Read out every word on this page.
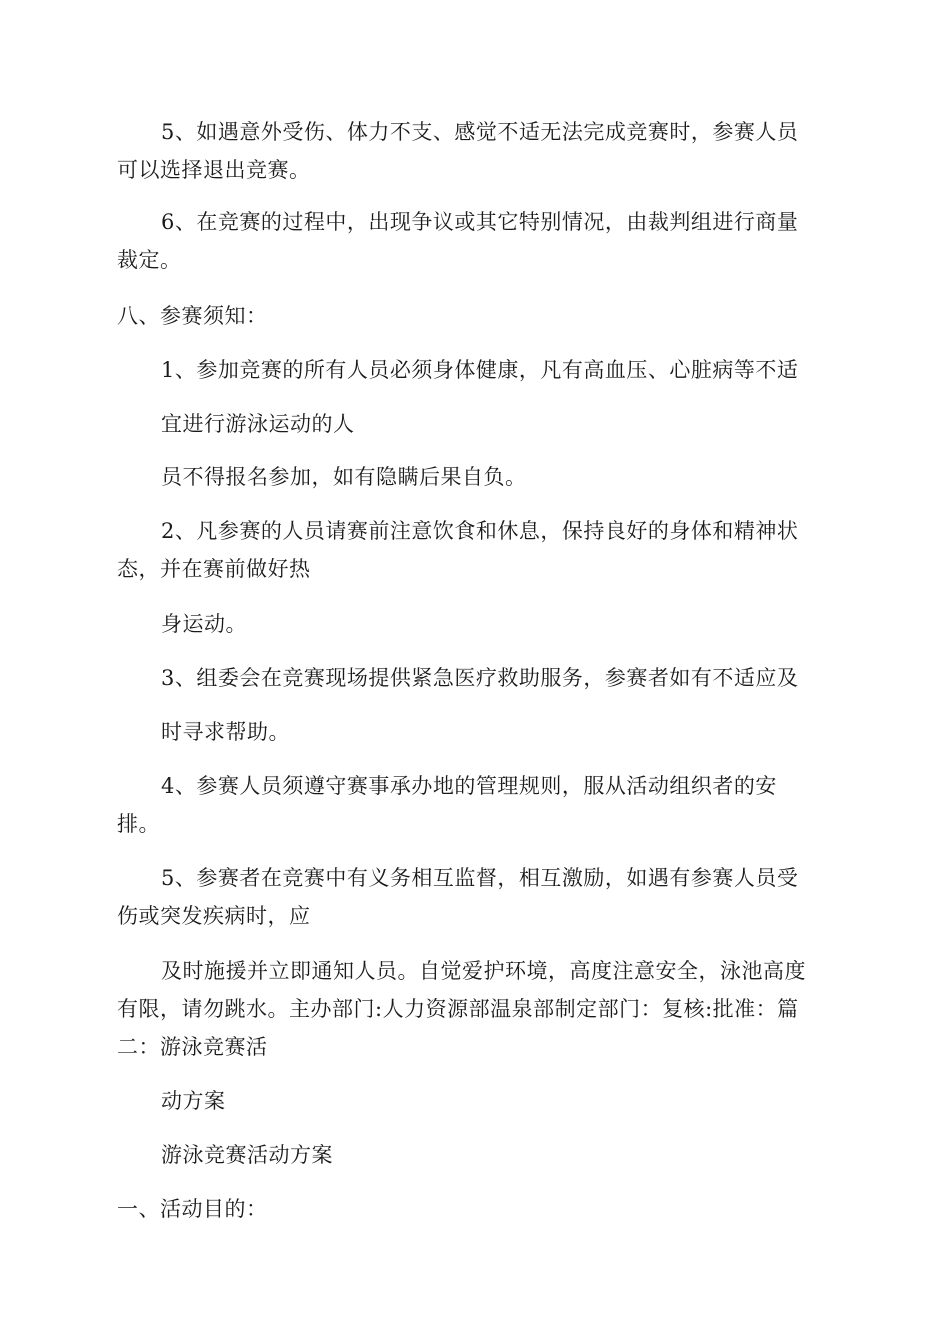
5、如遇意外受伤、体力不支、感觉不适无法完成竞赛时，参赛人员
可以选择退出竞赛。
6、在竞赛的过程中，出现争议或其它特别情况，由裁判组进行商量
裁定。
八、参赛须知：
1、参加竞赛的所有人员必须身体健康，凡有高血压、心脏病等不适
宜进行游泳运动的人
员不得报名参加，如有隐瞒后果自负。
2、凡参赛的人员请赛前注意饮食和休息，保持良好的身体和精神状
态，并在赛前做好热
身运动。
3、组委会在竞赛现场提供紧急医疗救助服务，参赛者如有不适应及
时寻求帮助。
4、参赛人员须遵守赛事承办地的管理规则，服从活动组织者的安
排。
5、参赛者在竞赛中有义务相互监督，相互激励，如遇有参赛人员受
伤或突发疾病时，应
及时施援并立即通知人员。自觉爱护环境，高度注意安全，泳池高度
有限，请勿跳水。主办部门:人力资源部温泉部制定部门：复核:批准：篇
二：游泳竞赛活
动方案
游泳竞赛活动方案
一、活动目的：
